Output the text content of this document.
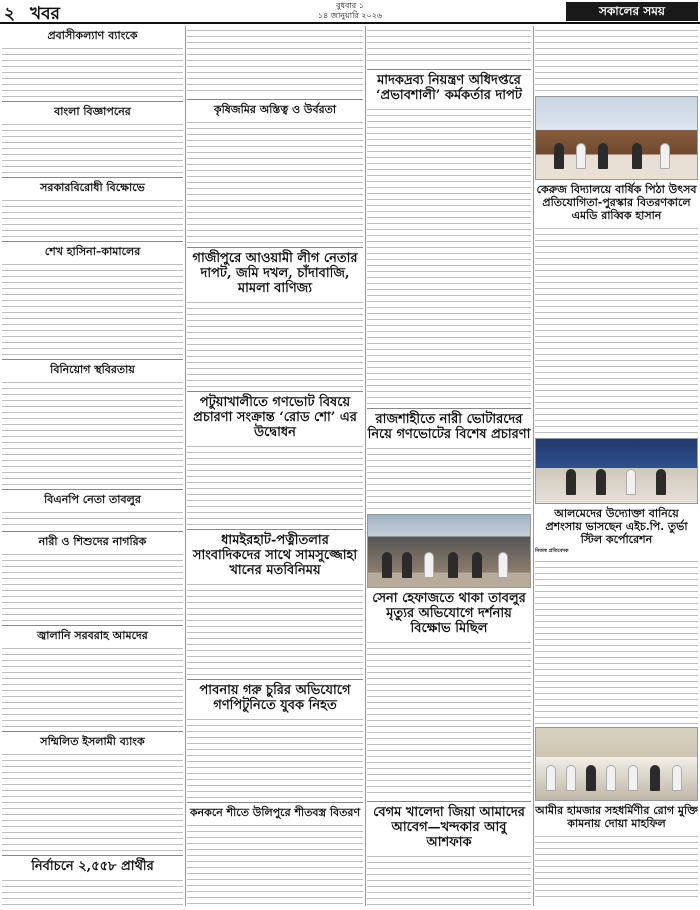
২ খবর	বুধবার ১
১৪ জানুয়ারি ২০২৬	সকালের সময়
প্রবাসীকল্যাণ ব্যাংকে
বাংলা বিজ্ঞাপনের
সরকারবিরোধী বিক্ষোভে
শেখ হাসিনা–কামালের
বিনিয়োগ স্থবিরতায়
বিএনপি নেতা তাবলুর
নারী ও শিশুদের নাগরিক
জ্বালানি সরবরাহ আমদের
সম্মিলিত ইসলামী ব্যাংক
নির্বাচনে ২,৫৫৮ প্রার্থীর
কৃষিজমির অস্তিত্ব ও উর্বরতা
গাজীপুরে আওয়ামী লীগ নেতার দাপট, জমি দখল, চাঁদাবাজি, মামলা বাণিজ্য
পটুয়াখালীতে গণভোট বিষয়ে প্রচারণা সংক্রান্ত ‘রোড শো’ এর উদ্বোধন
ধামইরহাট-পত্নীতলার সাংবাদিকদের সাথে সামসুজ্জোহা খানের মতবিনিময়
পাবনায় গরু চুরির অভিযোগে গণপিটুনিতে যুবক নিহত
কনকনে শীতে উলিপুরে শীতবস্ত্র বিতরণ
মাদকদ্রব্য নিয়ন্ত্রণ অধিদপ্তরে ‘প্রভাবশালী’ কর্মকর্তার দাপট
রাজশাহীতে নারী ভোটারদের নিয়ে গণভোটের বিশেষ প্রচারণা
সেনা হেফাজতে থাকা তাবলুর মৃত্যুর অভিযোগে দর্শনায় বিক্ষোভ মিছিল
বেগম খালেদা জিয়া আমাদের আবেগ—খন্দকার আবু আশফাক
কেরুজ বিদ্যালয়ে বার্ষিক পিঠা উৎসব প্রতিযোগিতা-পুরস্কার বিতরণকালে এমডি রাব্বিক হাসান
আলমেদের উদ্যোক্তা বানিয়ে প্রশংসায় ভাসছেন এইচ.পি. তুর্ভা স্টিল কর্পোরেশন
নিজস্ব প্রতিবেদক
আমীর হামজার সহধর্মিণীর রোগ মুক্তি কামনায় দোয়া মাহফিল
